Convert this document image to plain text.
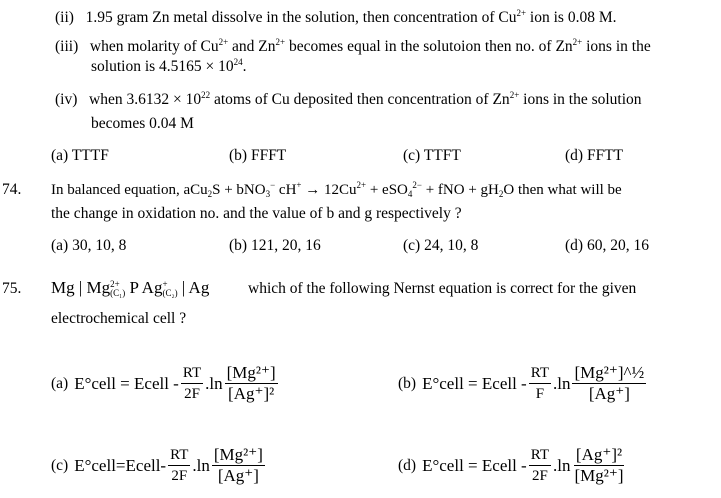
(ii) 1.95 gram Zn metal dissolve in the solution, then concentration of $Cu^{2+}$ ion is 0.08 M.
(iii) when molarity of $Cu^{2+}$ and $Zn^{2+}$ becomes equal in the solutoion then no. of $Zn^{2+}$ ions in the
solution is $4.5165 \times 10^{24}$.
(iv) when $3.6132 \times 10^{22}$ atoms of Cu deposited then concentration of $Zn^{2+}$ ions in the solution
becomes 0.04 M
(a) TTTF	(b) FFFT	(c) TTFT	(d) FFTT
74. In balanced equation, aCu$_2$S + bNO$_3$− $cH^+ \to 12Cu^{2+} + eSO_4^{2-}$ + fNO + $gH_2O$ then what will be
the change in oxidation no. and the value of b and g respectively ?
(a) 30, 10, 8	(b) 121, 20, 16	(c) 24, 10, 8	(d) 60, 20, 16
75. Mg | Mg 2+
(C₁) P Ag +
(C₂) | Ag which of the following Nernst equation is correct for the given
electrochemical cell ?
(a) E°cell = Ecell - $\frac{RT}{2F} .\ln \frac{\text{[Mg²⁺]}}{\text{[Ag⁺]²}}$	(b) E°cell = Ecell - $\frac{RT}{F} .\ln \frac{\text{[Mg²⁺]\textasciicircum{}½}}{[Ag^+]}$
(c) E°cell=Ecell- $\frac{RT}{2F} .\ln \frac{\text{[Mg²⁺]}}{[Ag^+]}$	(d) E°cell = Ecell - $\frac{RT}{2F} .\ln \frac{\text{[Ag⁺]²}}{\text{[Mg²⁺]}}$
